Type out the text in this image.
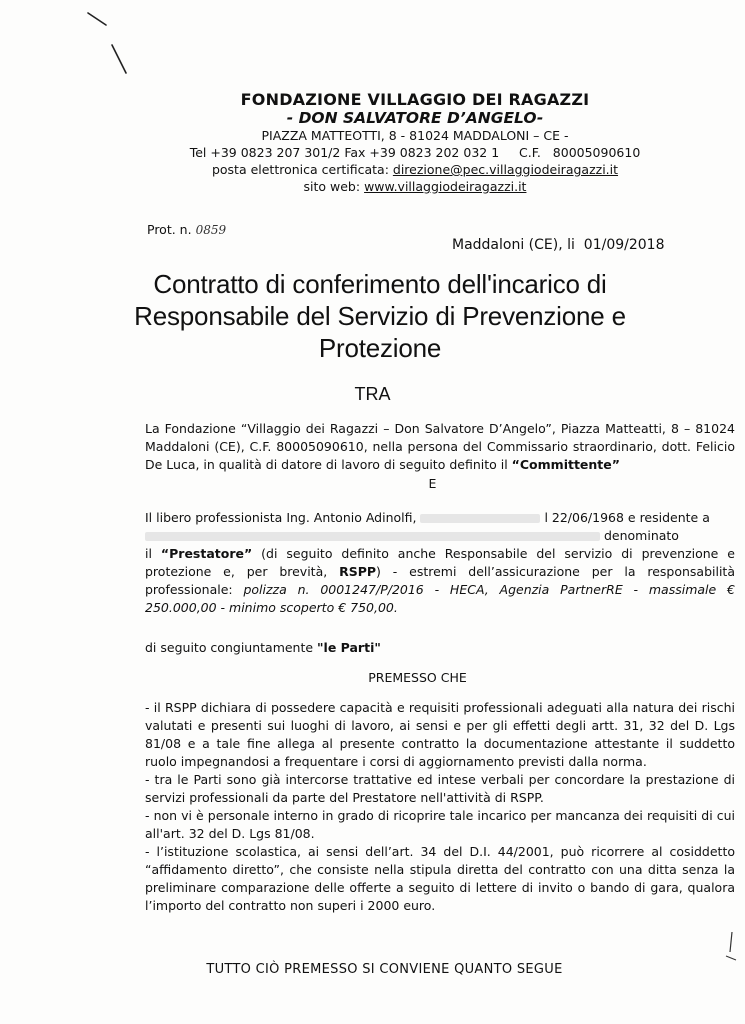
FONDAZIONE VILLAGGIO DEI RAGAZZI
- DON SALVATORE D’ANGELO-
PIAZZA MATTEOTTI, 8 - 81024 MADDALONI – CE -
Tel +39 0823 207 301/2 Fax +39 0823 202 032 1     C.F.   80005090610
posta elettronica certificata: direzione@pec.villaggiodeiragazzi.it
sito web: www.villaggiodeiragazzi.it
Prot. n. 0859
Maddaloni (CE), li  01/09/2018
Contratto di conferimento dell'incarico di
Responsabile del Servizio di Prevenzione e
Protezione
TRA
La Fondazione “Villaggio dei Ragazzi – Don Salvatore D’Angelo”, Piazza Matteatti, 8 – 81024 Maddaloni (CE), C.F. 80005090610, nella persona del Commissario straordinario, dott. Felicio De Luca, in qualità di datore di lavoro di seguito definito il “Committente”
E
Il libero professionista Ing. Antonio Adinolfi,	l 22/06/1968 e residente a
denominato
il “Prestatore” (di seguito definito anche Responsabile del servizio di prevenzione e protezione e, per brevità, RSPP) - estremi dell’assicurazione per la responsabilità professionale: polizza n. 0001247/P/2016 - HECA, Agenzia PartnerRE - massimale € 250.000,00 - minimo scoperto € 750,00.
di seguito congiuntamente "le Parti"
PREMESSO CHE
- il RSPP dichiara di possedere capacità e requisiti professionali adeguati alla natura dei rischi valutati e presenti sui luoghi di lavoro, ai sensi e per gli effetti degli artt. 31, 32 del D. Lgs 81/08 e a tale fine allega al presente contratto la documentazione attestante il suddetto ruolo impegnandosi a frequentare i corsi di aggiornamento previsti dalla norma.
- tra le Parti sono già intercorse trattative ed intese verbali per concordare la prestazione di servizi professionali da parte del Prestatore nell'attività di RSPP.
- non vi è personale interno in grado di ricoprire tale incarico per mancanza dei requisiti di cui all'art. 32 del D. Lgs 81/08.
- l’istituzione scolastica, ai sensi dell’art. 34 del D.I. 44/2001, può ricorrere al cosiddetto “affidamento diretto”, che consiste nella stipula diretta del contratto con una ditta senza la preliminare comparazione delle offerte a seguito di lettere di invito o bando di gara, qualora l’importo del contratto non superi i 2000 euro.
TUTTO CIÒ PREMESSO SI CONVIENE QUANTO SEGUE
